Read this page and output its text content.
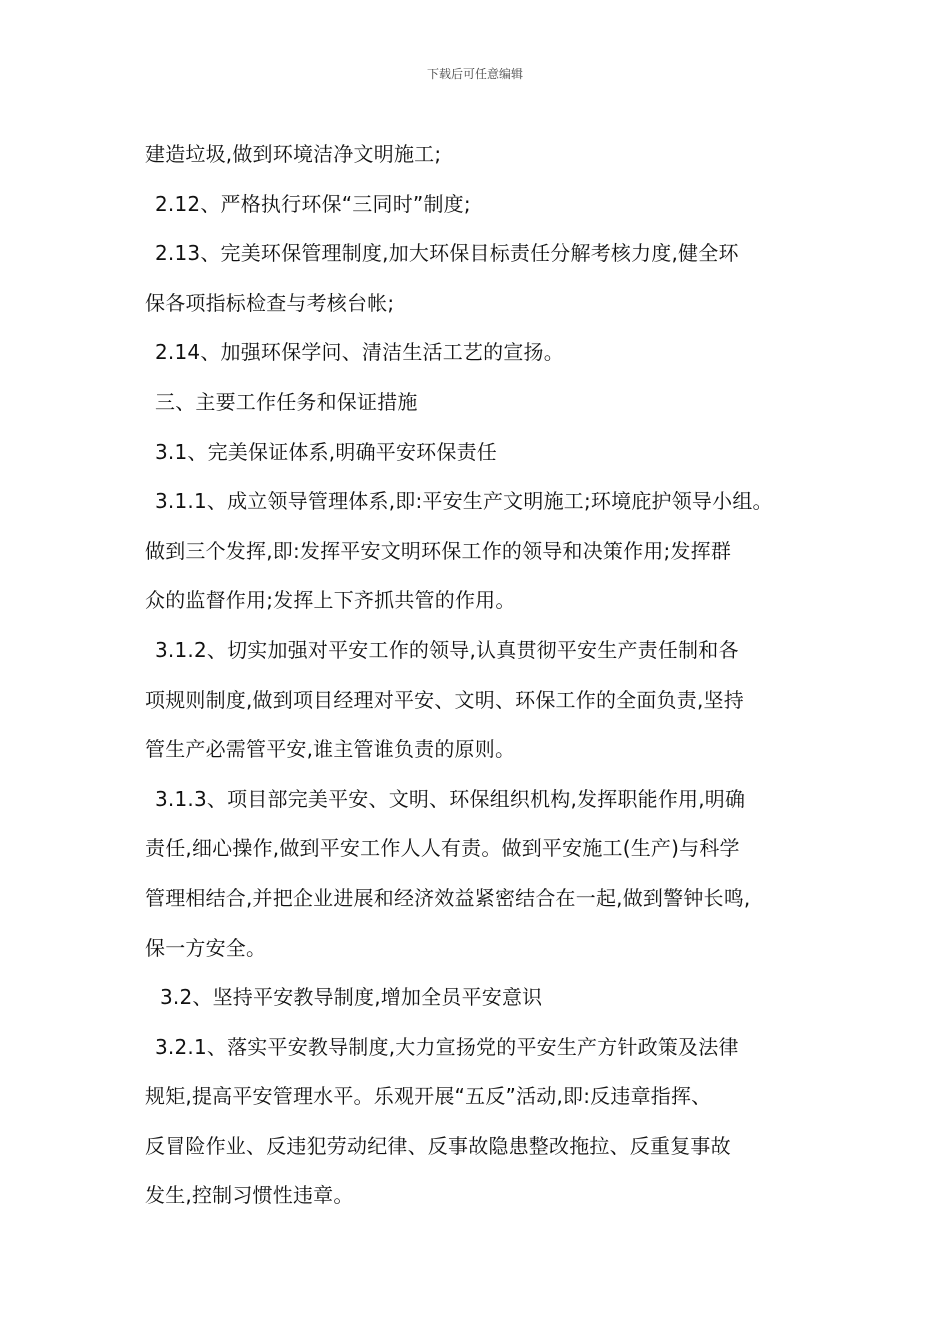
下载后可任意编辑
建造垃圾,做到环境洁净文明施工;
2.12、严格执行环保“三同时”制度;
2.13、完美环保管理制度,加大环保目标责任分解考核力度,健全环
保各项指标检查与考核台帐;
2.14、加强环保学问、清洁生活工艺的宣扬。
三、主要工作任务和保证措施
3.1、完美保证体系,明确平安环保责任
3.1.1、成立领导管理体系,即:平安生产文明施工;环境庇护领导小组。
做到三个发挥,即:发挥平安文明环保工作的领导和决策作用;发挥群
众的监督作用;发挥上下齐抓共管的作用。
3.1.2、切实加强对平安工作的领导,认真贯彻平安生产责任制和各
项规则制度,做到项目经理对平安、文明、环保工作的全面负责,坚持
管生产必需管平安,谁主管谁负责的原则。
3.1.3、项目部完美平安、文明、环保组织机构,发挥职能作用,明确
责任,细心操作,做到平安工作人人有责。做到平安施工(生产)与科学
管理相结合,并把企业进展和经济效益紧密结合在一起,做到警钟长鸣,
保一方安全。
3.2、坚持平安教导制度,增加全员平安意识
3.2.1、落实平安教导制度,大力宣扬党的平安生产方针政策及法律
规矩,提高平安管理水平。乐观开展“五反”活动,即:反违章指挥、
反冒险作业、反违犯劳动纪律、反事故隐患整改拖拉、反重复事故
发生,控制习惯性违章。
